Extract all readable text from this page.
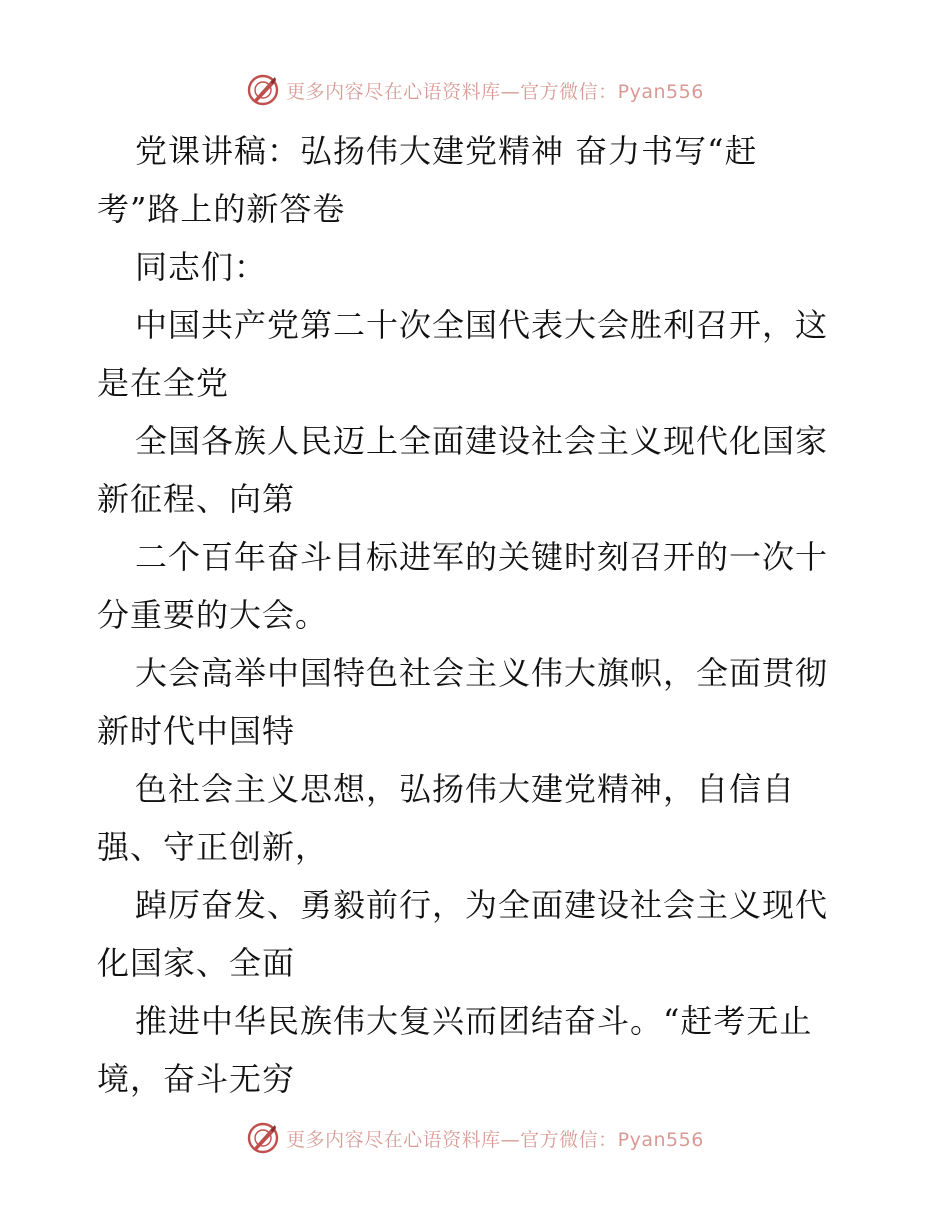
更多内容尽在心语资料库—官方微信：Pyan556
党课讲稿：弘扬伟大建党精神 奋力书写“赶
考”路上的新答卷
同志们：
中国共产党第二十次全国代表大会胜利召开，这
是在全党
全国各族人民迈上全面建设社会主义现代化国家
新征程、向第
二个百年奋斗目标进军的关键时刻召开的一次十
分重要的大会。
大会高举中国特色社会主义伟大旗帜，全面贯彻
新时代中国特
色社会主义思想，弘扬伟大建党精神，自信自
强、守正创新，
踔厉奋发、勇毅前行，为全面建设社会主义现代
化国家、全面
推进中华民族伟大复兴而团结奋斗。“赶考无止
境，奋斗无穷
更多内容尽在心语资料库—官方微信：Pyan556
